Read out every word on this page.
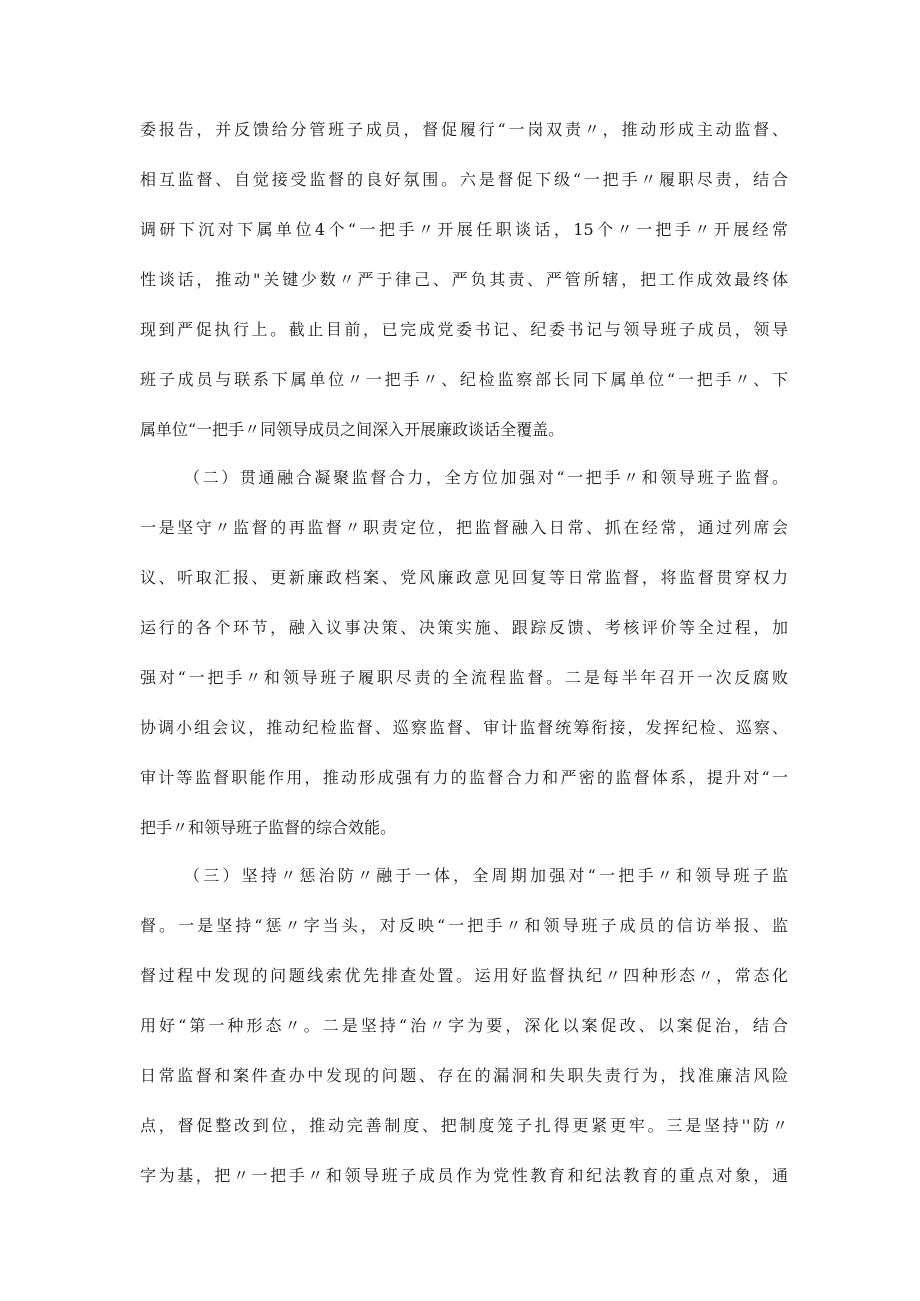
委报告，并反馈给分管班子成员，督促履行“一岗双责〃，推动形成主动监督、
相互监督、自觉接受监督的良好氛围。六是督促下级“一把手〃履职尽责，结合
调研下沉对下属单位4个“一把手〃开展任职谈话，15个〃一把手〃开展经常
性谈话，推动"关键少数〃严于律己、严负其责、严管所辖，把工作成效最终体
现到严促执行上。截止目前，已完成党委书记、纪委书记与领导班子成员，领导
班子成员与联系下属单位〃一把手〃、纪检监察部长同下属单位“一把手〃、下
属单位“一把手〃同领导成员之间深入开展廉政谈话全覆盖。
（二）贯通融合凝聚监督合力，全方位加强对“一把手〃和领导班子监督。
一是坚守〃监督的再监督〃职责定位，把监督融入日常、抓在经常，通过列席会
议、听取汇报、更新廉政档案、党风廉政意见回复等日常监督，将监督贯穿权力
运行的各个环节，融入议事决策、决策实施、跟踪反馈、考核评价等全过程，加
强对“一把手〃和领导班子履职尽责的全流程监督。二是每半年召开一次反腐败
协调小组会议，推动纪检监督、巡察监督、审计监督统筹衔接，发挥纪检、巡察、
审计等监督职能作用，推动形成强有力的监督合力和严密的监督体系，提升对“一
把手〃和领导班子监督的综合效能。
（三）坚持〃惩治防〃融于一体，全周期加强对“一把手〃和领导班子监
督。一是坚持“惩〃字当头，对反映“一把手〃和领导班子成员的信访举报、监
督过程中发现的问题线索优先排查处置。运用好监督执纪〃四种形态〃，常态化
用好“第一种形态〃。二是坚持“治〃字为要，深化以案促改、以案促治，结合
日常监督和案件查办中发现的问题、存在的漏洞和失职失责行为，找准廉洁风险
点，督促整改到位，推动完善制度、把制度笼子扎得更紧更牢。三是坚持''防〃
字为基，把〃一把手〃和领导班子成员作为党性教育和纪法教育的重点对象，通
